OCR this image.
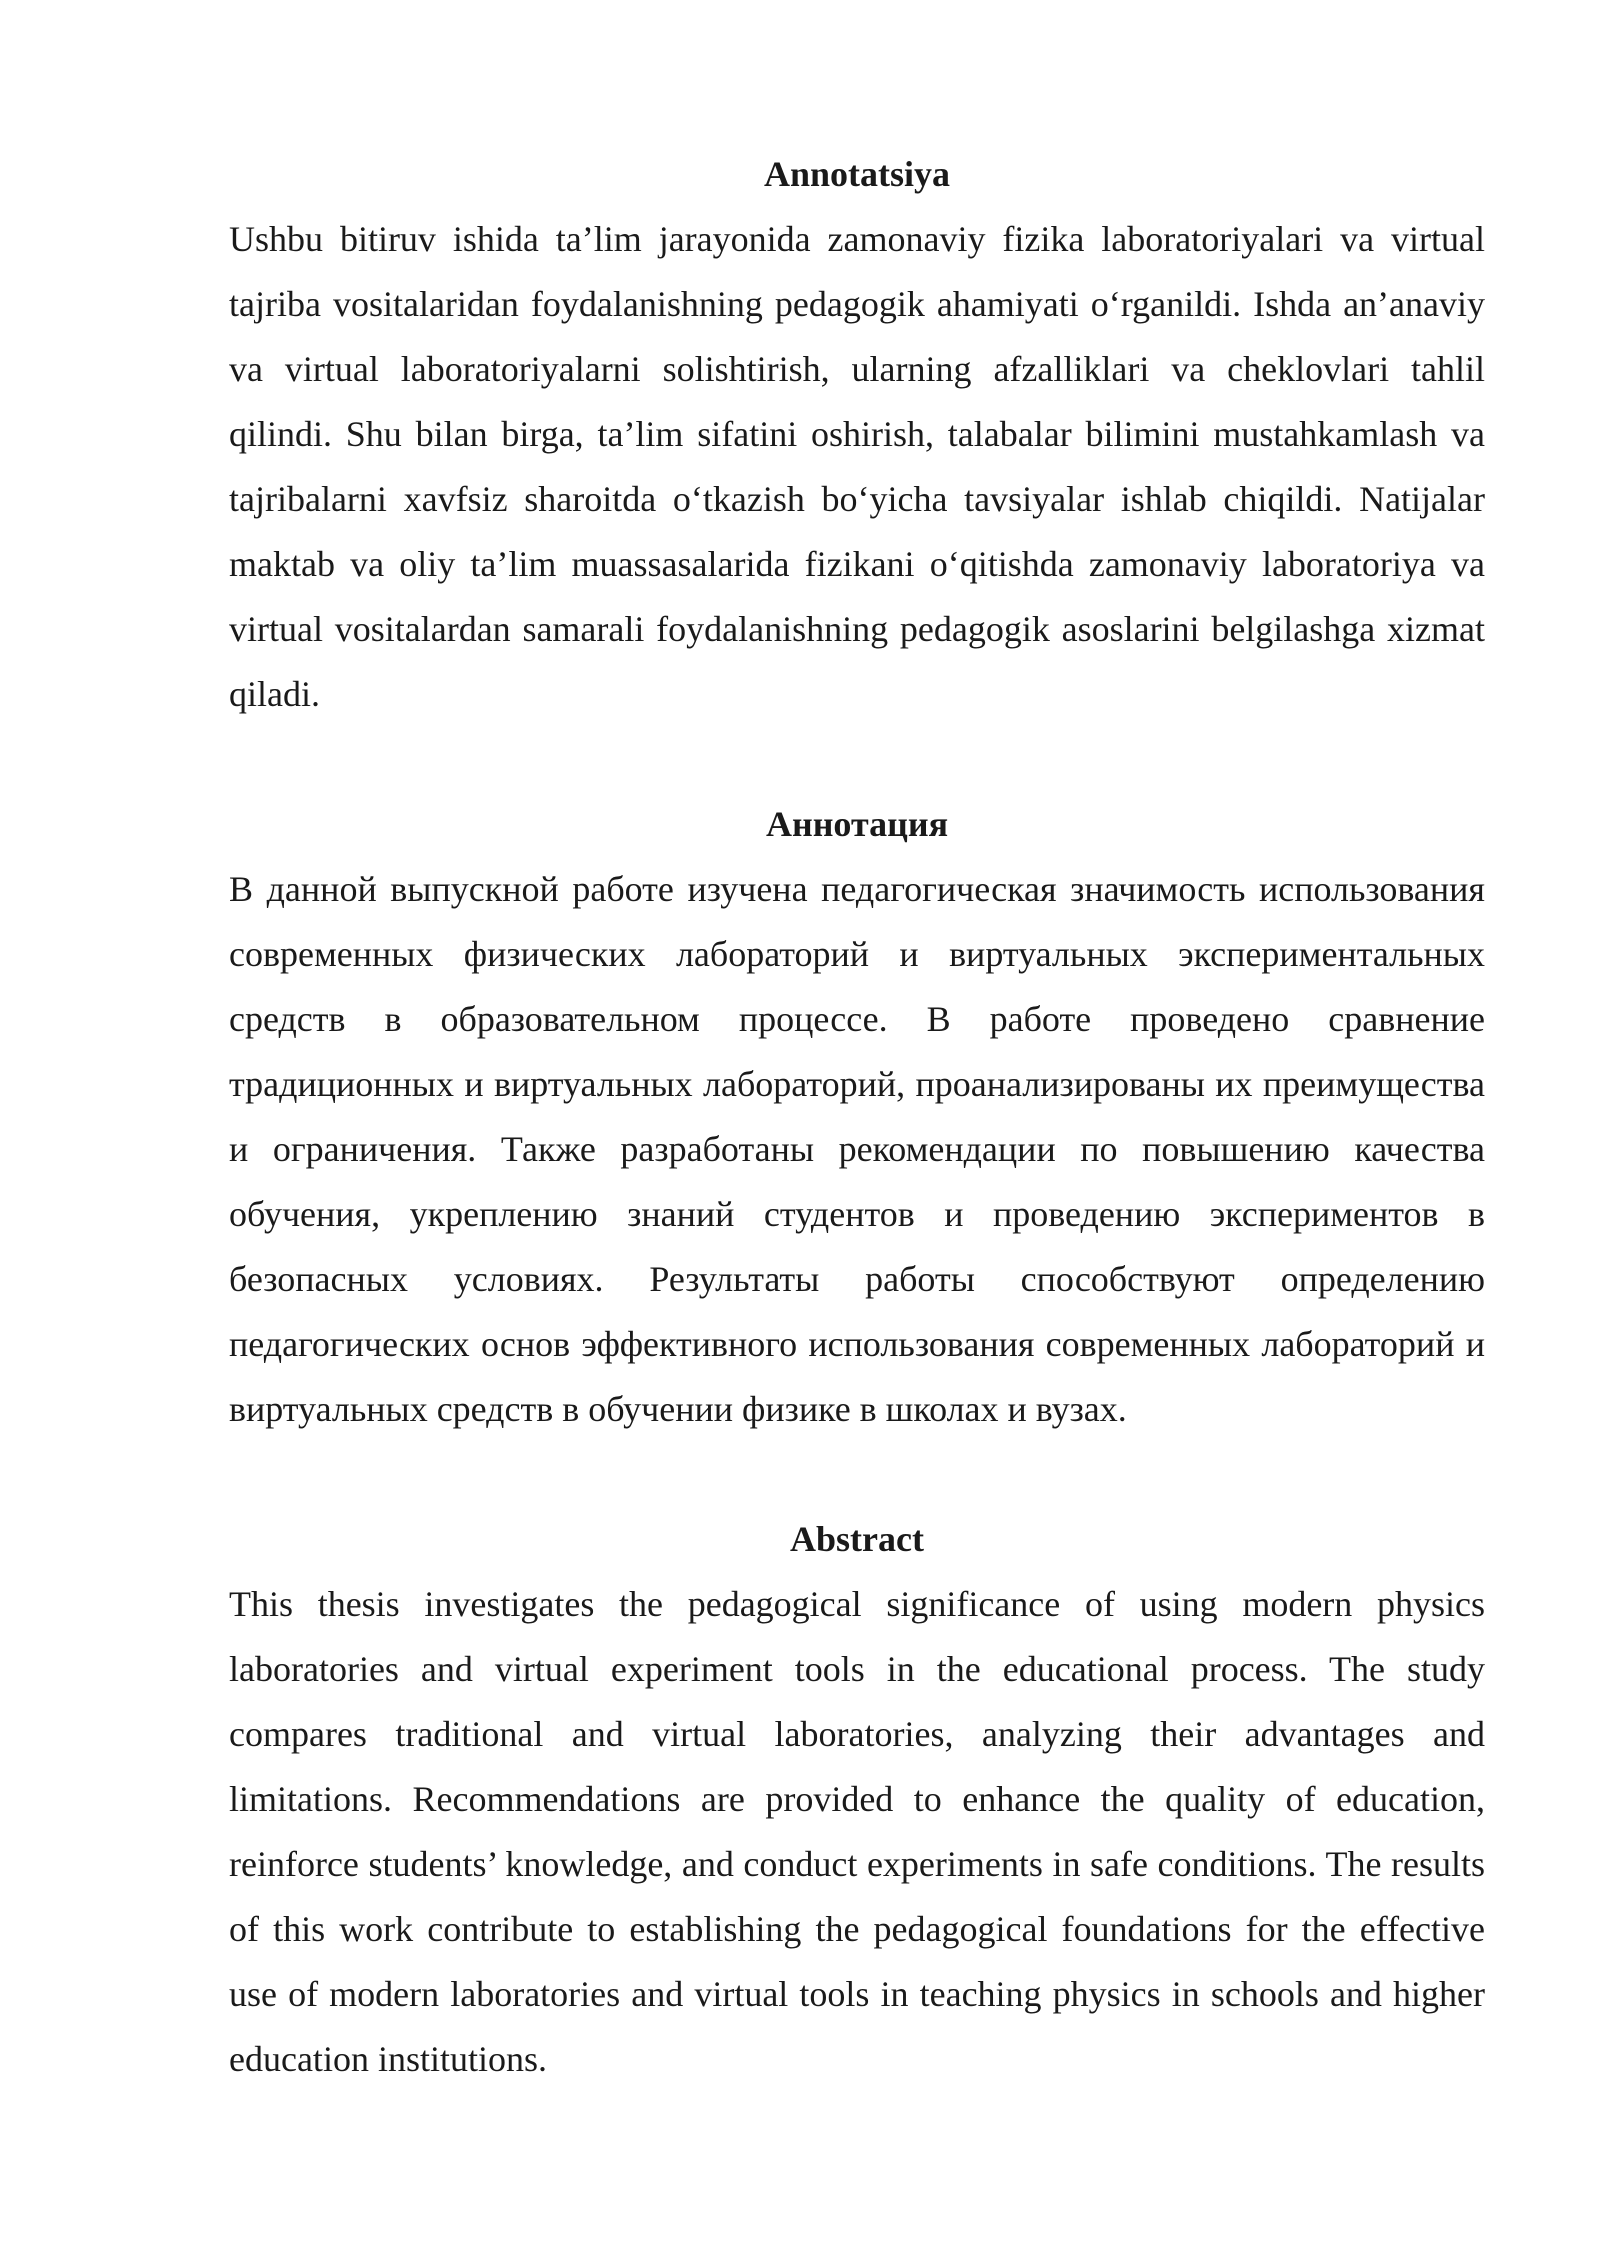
Annotatsiya

Ushbu bitiruv ishida ta’lim jarayonida zamonaviy fizika laboratoriyalari va virtual tajriba vositalaridan foydalanishning pedagogik ahamiyati o‘rganildi. Ishda an’anaviy va virtual laboratoriyalarni solishtirish, ularning afzalliklari va cheklovlari tahlil qilindi. Shu bilan birga, ta’lim sifatini oshirish, talabalar bilimini mustahkamlash va tajribalarni xavfsiz sharoitda o‘tkazish bo‘yicha tavsiyalar ishlab chiqildi. Natijalar maktab va oliy ta’lim muassasalarida fizikani o‘qitishda zamonaviy laboratoriya va virtual vositalardan samarali foydalanishning pedagogik asoslarini belgilashga xizmat qiladi.

Аннотация

В данной выпускной работе изучена педагогическая значимость использования современных физических лабораторий и виртуальных экспериментальных средств в образовательном процессе. В работе проведено сравнение традиционных и виртуальных лабораторий, проанализированы их преимущества и ограничения. Также разработаны рекомендации по повышению качества обучения, укреплению знаний студентов и проведению экспериментов в безопасных условиях. Результаты работы способствуют определению педагогических основ эффективного использования современных лабораторий и виртуальных средств в обучении физике в школах и вузах.

Abstract

This thesis investigates the pedagogical significance of using modern physics laboratories and virtual experiment tools in the educational process. The study compares traditional and virtual laboratories, analyzing their advantages and limitations. Recommendations are provided to enhance the quality of education, reinforce students’ knowledge, and conduct experiments in safe conditions. The results of this work contribute to establishing the pedagogical foundations for the effective use of modern laboratories and virtual tools in teaching physics in schools and higher education institutions.
